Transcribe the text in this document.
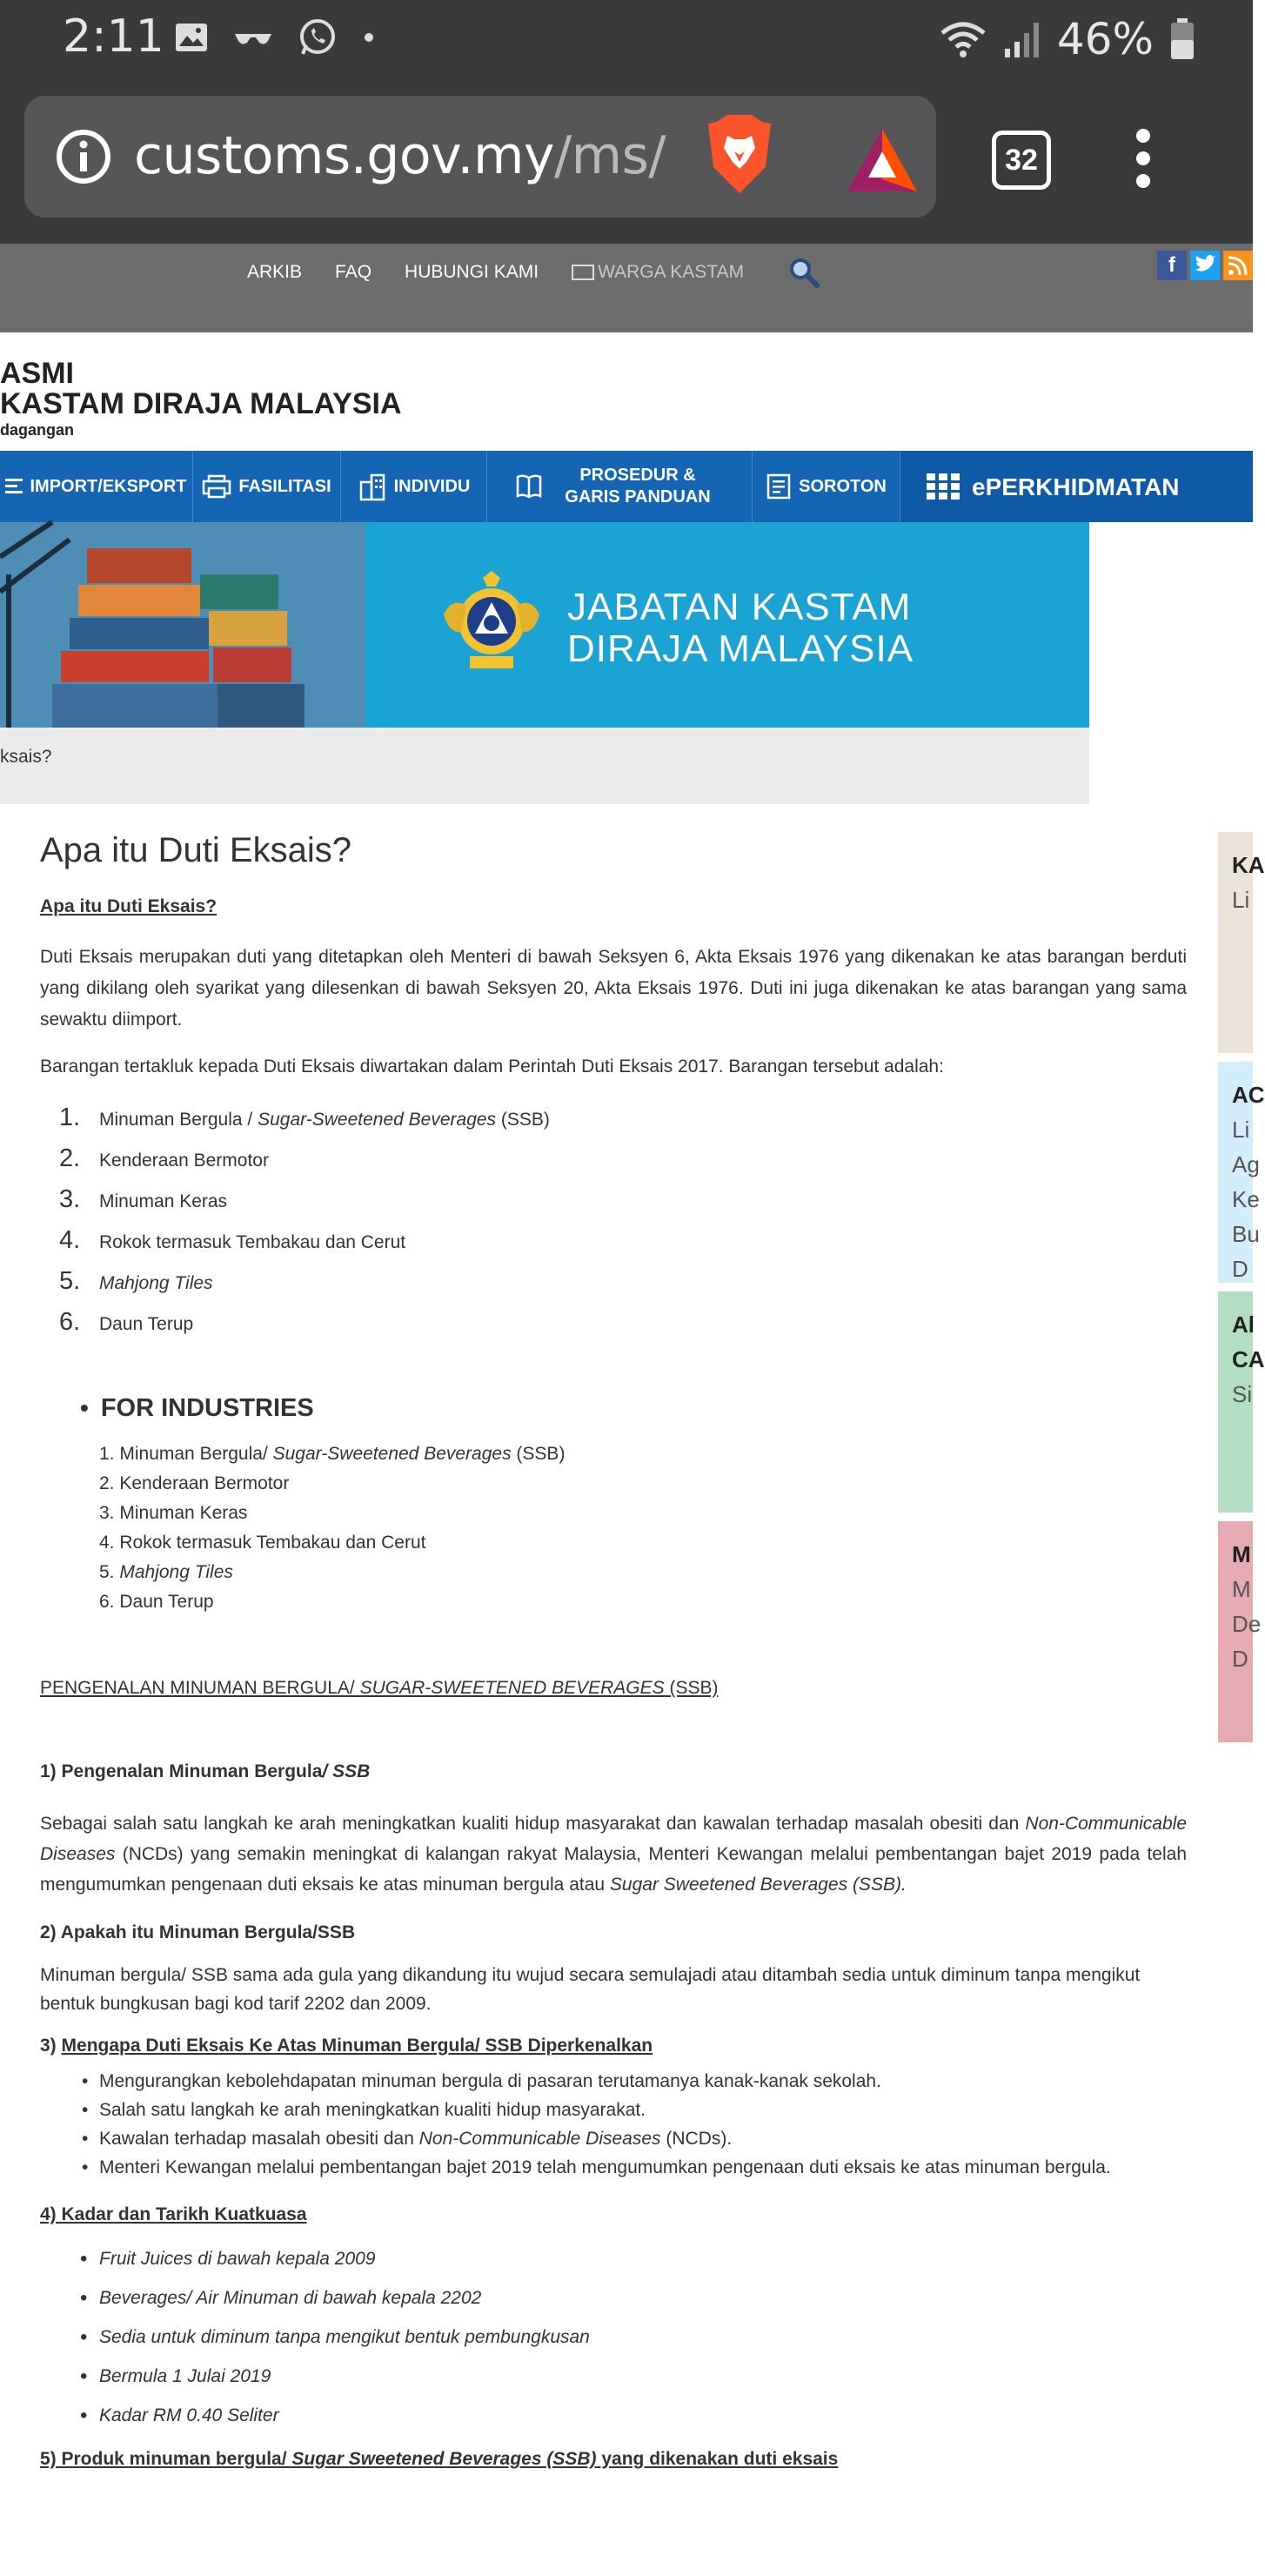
2:11	46%
customs.gov.my/ms/	32
ARKIB FAQ HUBUNGI KAMI	WARGA KASTAM	f
ASMI
KASTAM DIRAJA MALAYSIA
dagangan
IMPORT/EKSPORT	FASILITASI	INDIVIDU
PROSEDUR & GARIS PANDUAN
SOROTON	ePERKHIDMATAN
JABATAN KASTAM
DIRAJA MALAYSIA
ksais?
KA
Li
AC
Li
Ag
Ke
Bu
D
Al
CA
Si
M
M
De
D
Apa itu Duti Eksais?

Apa itu Duti Eksais?

Duti Eksais merupakan duti yang ditetapkan oleh Menteri di bawah Seksyen 6, Akta Eksais 1976 yang dikenakan ke atas barangan berduti yang dikilang oleh syarikat yang dilesenkan di bawah Seksyen 20, Akta Eksais 1976. Duti ini juga dikenakan ke atas barangan yang sama sewaktu diimport.

Barangan tertakluk kepada Duti Eksais diwartakan dalam Perintah Duti Eksais 2017. Barangan tersebut adalah:

1. Minuman Bergula / Sugar-Sweetened Beverages (SSB)
2. Kenderaan Bermotor
3. Minuman Keras
4. Rokok termasuk Tembakau dan Cerut
5. Mahjong Tiles
6. Daun Terup
• FOR INDUSTRIES
1. Minuman Bergula/ Sugar-Sweetened Beverages (SSB)
2. Kenderaan Bermotor
3. Minuman Keras
4. Rokok termasuk Tembakau dan Cerut
5. Mahjong Tiles
6. Daun Terup

PENGENALAN MINUMAN BERGULA/ SUGAR-SWEETENED BEVERAGES (SSB)

1) Pengenalan Minuman Bergula/ SSB

Sebagai salah satu langkah ke arah meningkatkan kualiti hidup masyarakat dan kawalan terhadap masalah obesiti dan Non-Communicable Diseases (NCDs) yang semakin meningkat di kalangan rakyat Malaysia, Menteri Kewangan melalui pembentangan bajet 2019 pada telah mengumumkan pengenaan duti eksais ke atas minuman bergula atau Sugar Sweetened Beverages (SSB).

2) Apakah itu Minuman Bergula/SSB

Minuman bergula/ SSB sama ada gula yang dikandung itu wujud secara semulajadi atau ditambah sedia untuk diminum tanpa mengikut bentuk bungkusan bagi kod tarif 2202 dan 2009.

3) Mengapa Duti Eksais Ke Atas Minuman Bergula/ SSB Diperkenalkan

• Mengurangkan kebolehdapatan minuman bergula di pasaran terutamanya kanak-kanak sekolah.
• Salah satu langkah ke arah meningkatkan kualiti hidup masyarakat.
• Kawalan terhadap masalah obesiti dan Non-Communicable Diseases (NCDs).
• Menteri Kewangan melalui pembentangan bajet 2019 telah mengumumkan pengenaan duti eksais ke atas minuman bergula.

4) Kadar dan Tarikh Kuatkuasa

• Fruit Juices di bawah kepala 2009
• Beverages/ Air Minuman di bawah kepala 2202
• Sedia untuk diminum tanpa mengikut bentuk pembungkusan
• Bermula 1 Julai 2019
• Kadar RM 0.40 Seliter

5) Produk minuman bergula/ Sugar Sweetened Beverages (SSB) yang dikenakan duti eksais
